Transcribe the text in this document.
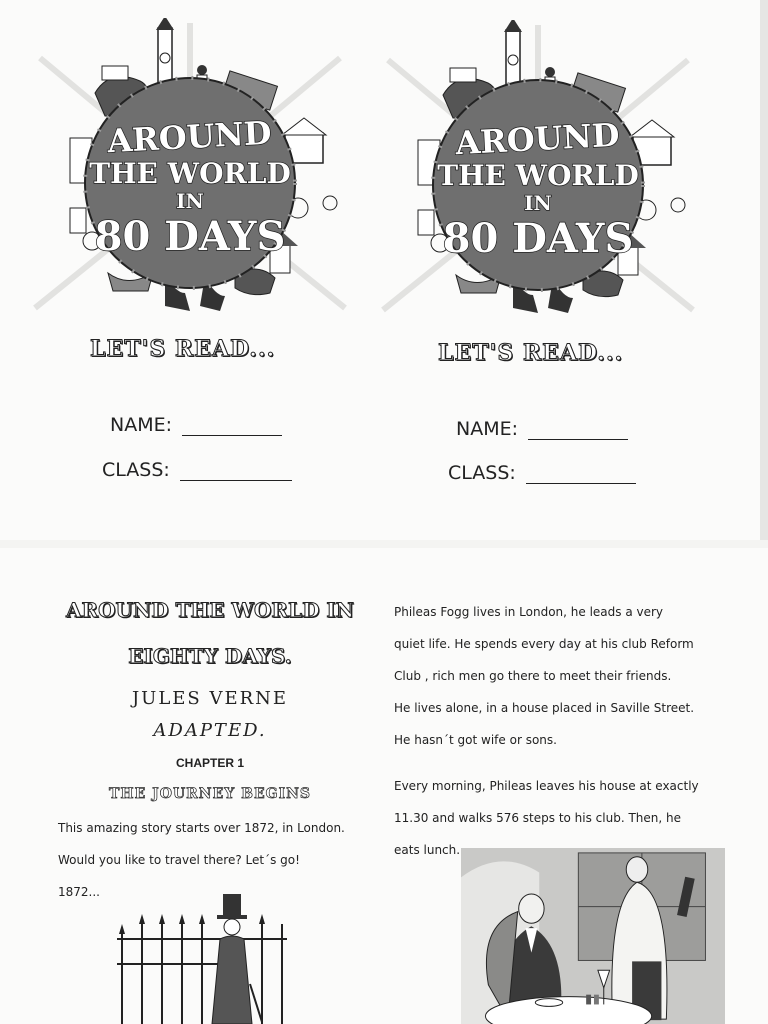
AROUND
THE WORLD
IN
80 DAYS
LET'S READ...
NAME:
CLASS:
AROUND
THE WORLD
IN
80 DAYS
LET'S READ...
NAME:
CLASS:
AROUND THE WORLD IN
EIGHTY DAYS.
JULES VERNE
ADAPTED.
CHAPTER 1
THE JOURNEY BEGINS
This amazing story starts over 1872, in London.
Would you like to travel there? Let´s go!
1872...
Phileas Fogg lives in London, he leads a very
quiet life. He spends every day at his club Reform
Club , rich men go there to meet their friends.
He lives alone, in a house placed in Saville Street.
He hasn´t got wife or sons.
Every morning, Phileas leaves his house at exactly
11.30 and walks 576 steps to his club. Then, he
eats lunch.
